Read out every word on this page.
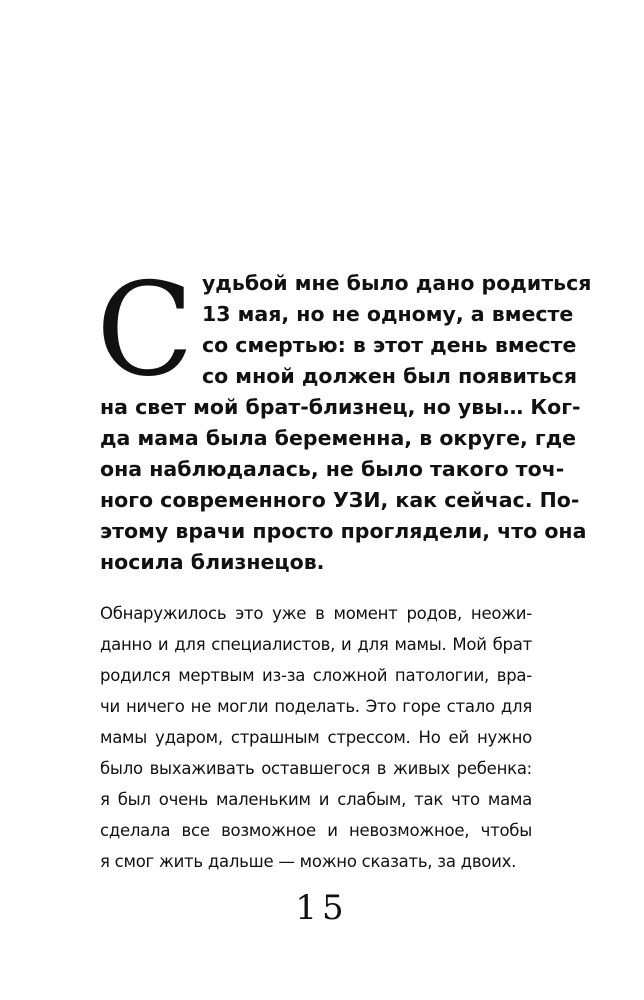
С удьбой мне было дано родиться
13 мая, но не одному, а вместе
со смертью: в этот день вместе
со мной должен был появиться
на свет мой брат-близнец, но увы… Ког-
да мама была беременна, в округе, где
она наблюдалась, не было такого точ-
ного современного УЗИ, как сейчас. По-
этому врачи просто проглядели, что она
носила близнецов.
Обнаружилось это уже в момент родов, неожи-
данно и для специалистов, и для мамы. Мой брат
родился мертвым из-за сложной патологии, вра-
чи ничего не могли поделать. Это горе стало для
мамы ударом, страшным стрессом. Но ей нужно
было выхаживать оставшегося в живых ребенка:
я был очень маленьким и слабым, так что мама
сделала все возможное и невозможное, чтобы
я смог жить дальше — можно сказать, за двоих.
15
